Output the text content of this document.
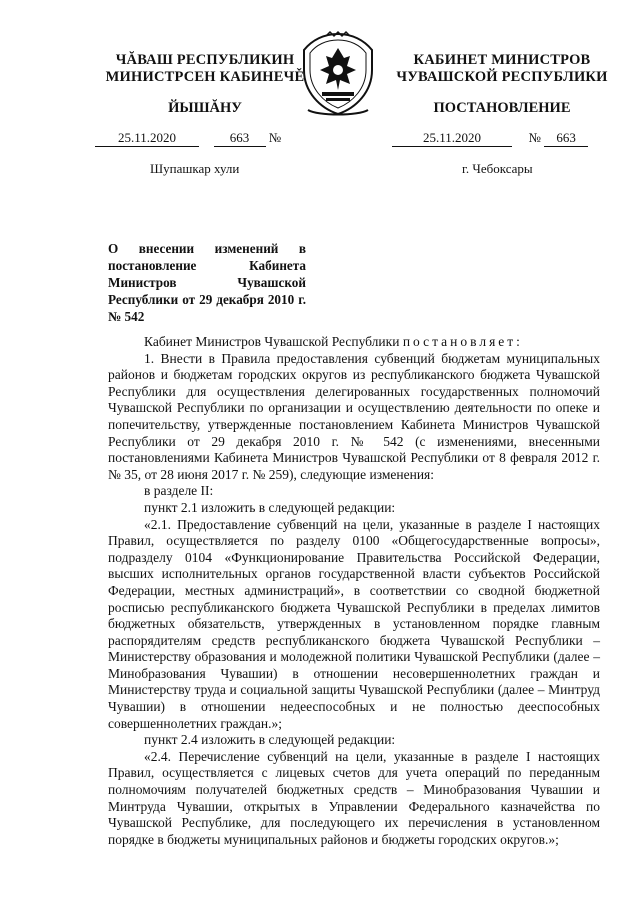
ЧĂВАШ РЕСПУБЛИКИН
МИНИСТРСЕН КАБИНЕЧĚ
ЙЫШĂНУ
КАБИНЕТ МИНИСТРОВ
ЧУВАШСКОЙ РЕСПУБЛИКИ
ПОСТАНОВЛЕНИЕ
25.11.2020	663 №	25.11.2020	№ 663
Шупашкар хули	г. Чебоксары
О внесении изменений в постановление Кабинета Министров Чувашской Республики от 29 декабря 2010 г. № 542

Кабинет Министров Чувашской Республики постановляет:

1. Внести в Правила предоставления субвенций бюджетам муниципальных районов и бюджетам городских округов из республиканского бюджета Чувашской Республики для осуществления делегированных государственных полномочий Чувашской Республики по организации и осуществлению деятельности по опеке и попечительству, утвержденные постановлением Кабинета Министров Чувашской Республики от 29 декабря 2010 г. № 542 (с изменениями, внесенными постановлениями Кабинета Министров Чувашской Республики от 8 февраля 2012 г. № 35, от 28 июня 2017 г. № 259), следующие изменения:

в разделе II:

пункт 2.1 изложить в следующей редакции:

«2.1. Предоставление субвенций на цели, указанные в разделе I настоящих Правил, осуществляется по разделу 0100 «Общегосударственные вопросы», подразделу 0104 «Функционирование Правительства Российской Федерации, высших исполнительных органов государственной власти субъектов Российской Федерации, местных администраций», в соответствии со сводной бюджетной росписью республиканского бюджета Чувашской Республики в пределах лимитов бюджетных обязательств, утвержденных в установленном порядке главным распорядителям средств республиканского бюджета Чувашской Республики – Министерству образования и молодежной политики Чувашской Республики (далее – Минобразования Чувашии) в отношении несовершеннолетних граждан и Министерству труда и социальной защиты Чувашской Республики (далее – Минтруд Чувашии) в отношении недееспособных и не полностью дееспособных совершеннолетних граждан.»;

пункт 2.4 изложить в следующей редакции:

«2.4. Перечисление субвенций на цели, указанные в разделе I настоящих Правил, осуществляется с лицевых счетов для учета операций по переданным полномочиям получателей бюджетных средств – Минобразования Чувашии и Минтруда Чувашии, открытых в Управлении Федерального казначейства по Чувашской Республике, для последующего их перечисления в установленном порядке в бюджеты муниципальных районов и бюджеты городских округов.»;
